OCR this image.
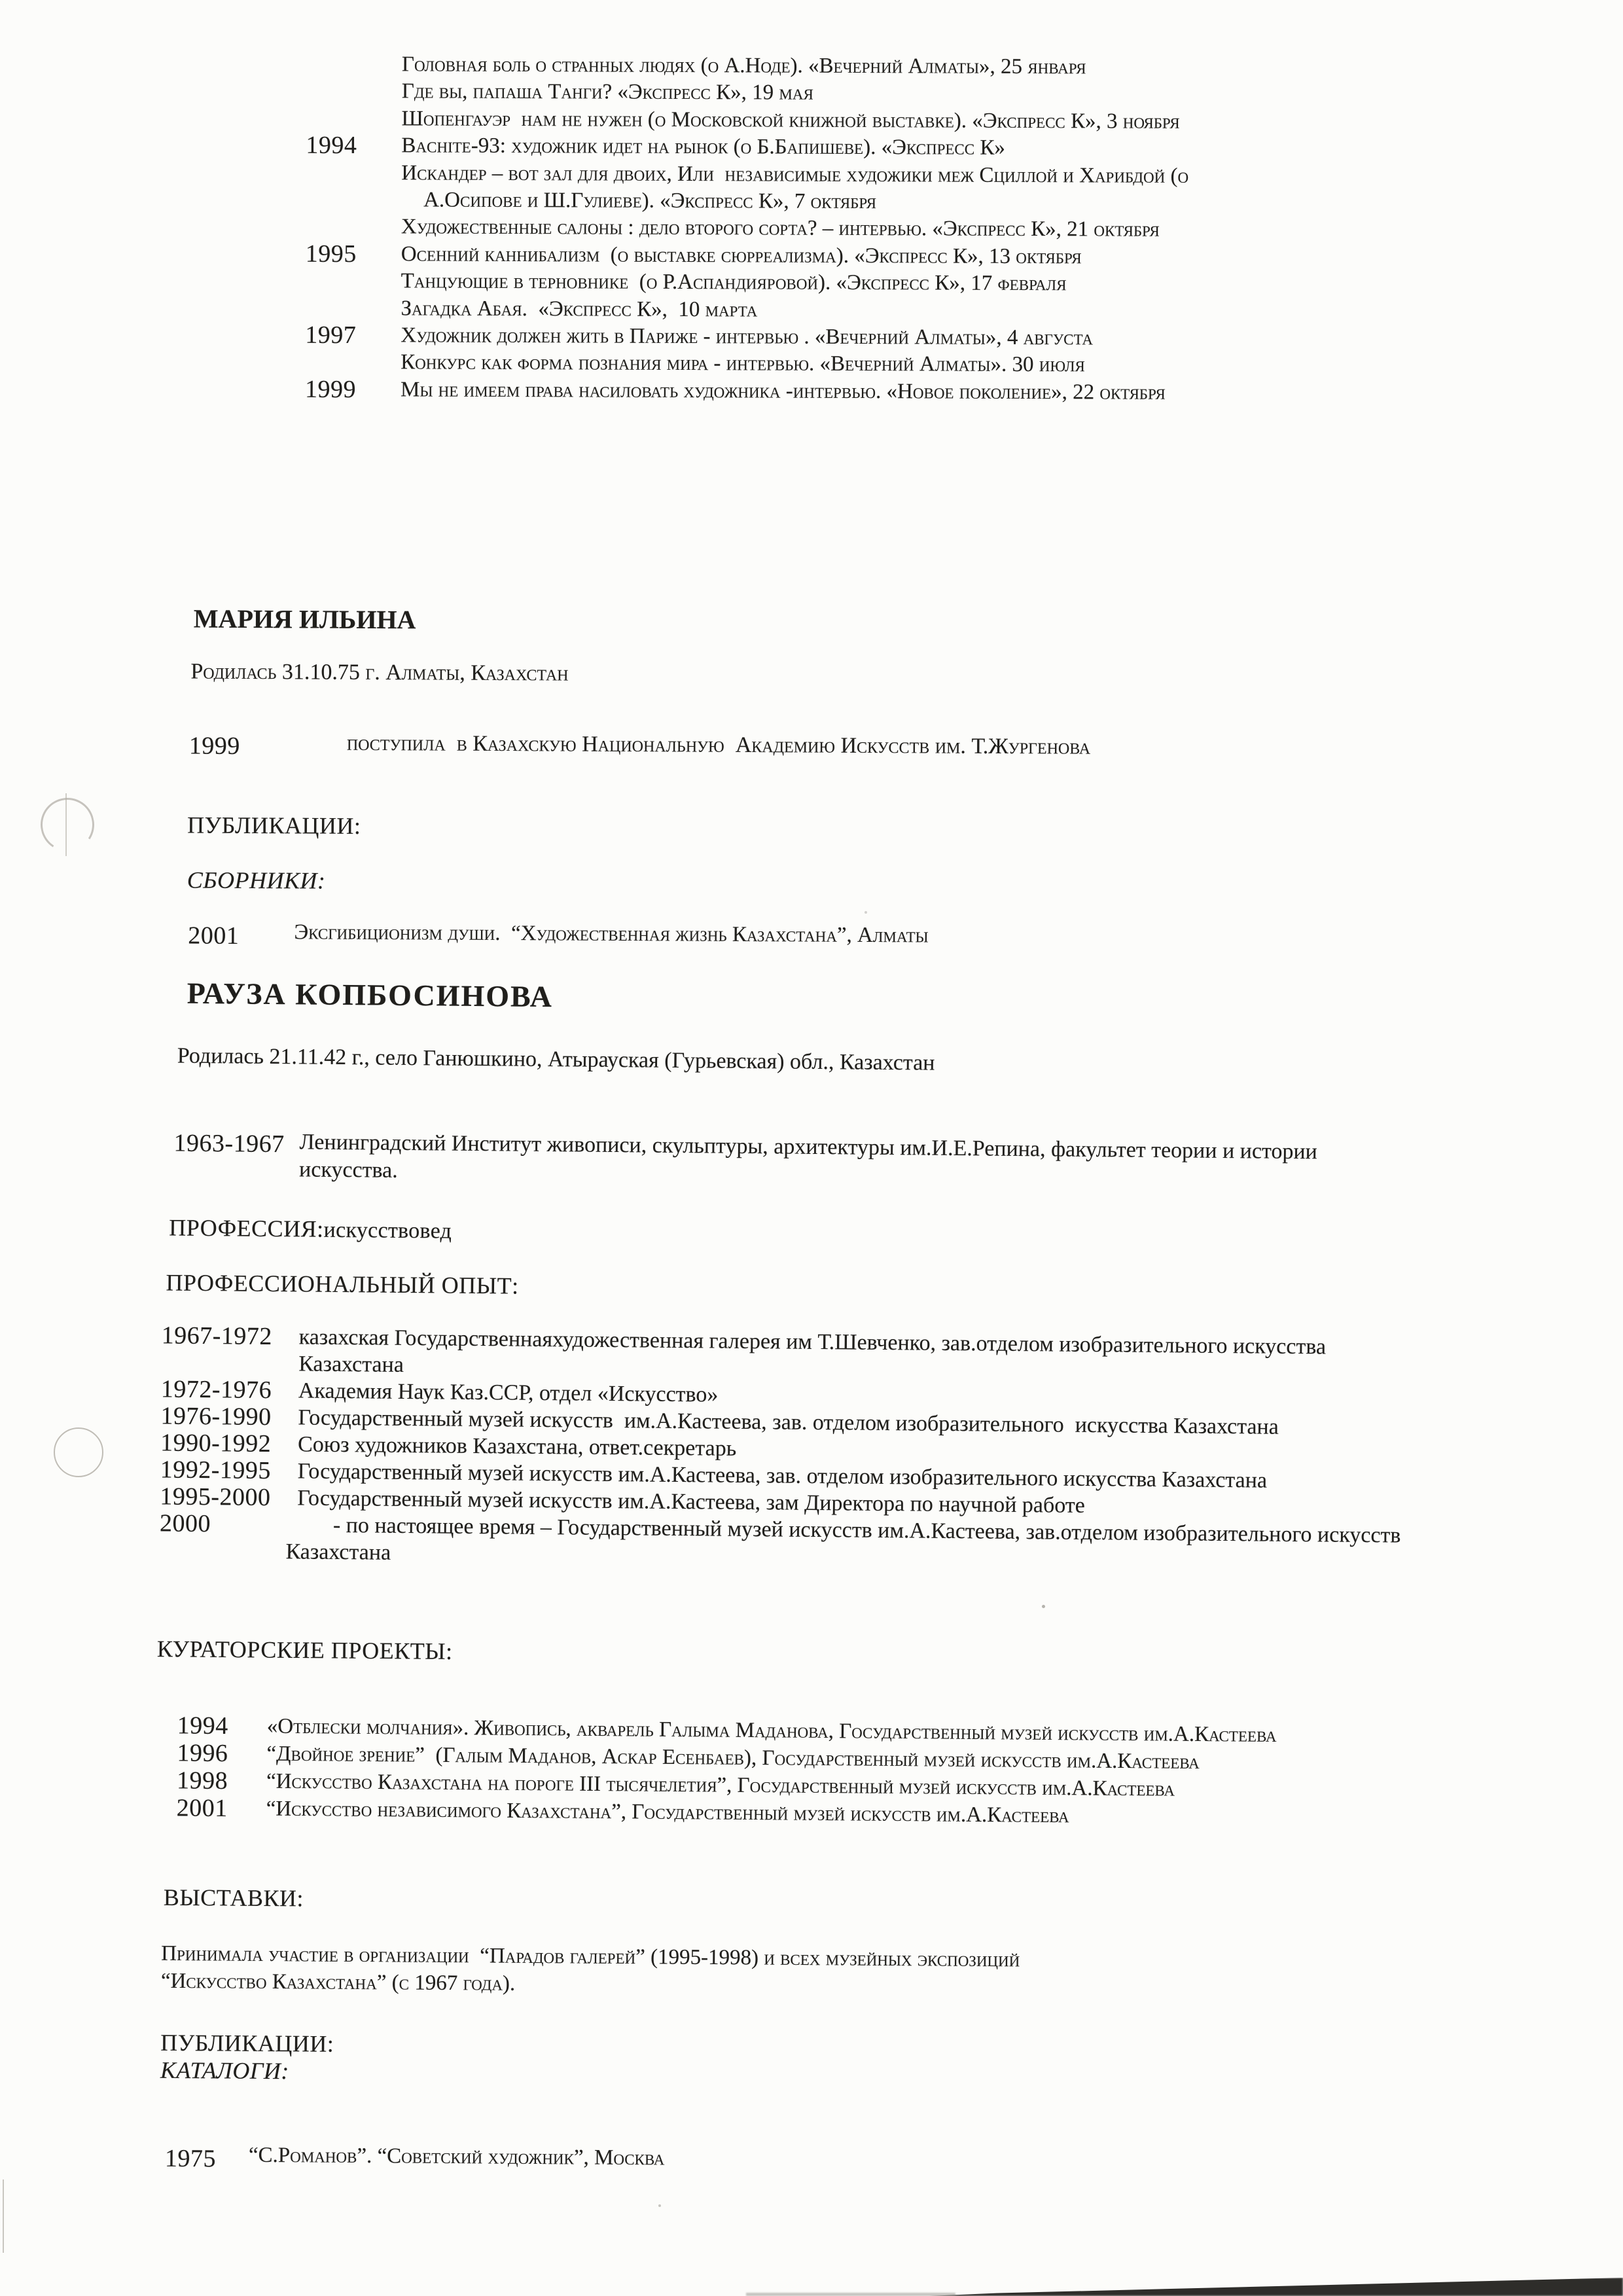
Головная боль о странных людях (о А.Ноде). «Вечерний Алматы», 25 января
Где вы, папаша Танги? «Экспресс К», 19 мая
Шопенгауэр  нам не нужен (о Московской книжной выставке). «Экспресс К», 3 ноября
1994 Bachite-93: художник идет на рынок (о Б.Бапишеве). «Экспресс К»
Искандер – вот зал для двоих, Или  независимые художики меж Сциллой и Харибдой (о
А.Осипове и Ш.Гулиеве). «Экспресс К», 7 октября
Художественные салоны : дело второго сорта? – интервью. «Экспресс К», 21 октября
1995 Осенний каннибализм  (о выставке сюрреализма). «Экспресс К», 13 октября
Танцующие в терновнике  (о Р.Аспандияровой). «Экспресс К», 17 февраля
Загадка Абая.  «Экспресс К»,  10 марта
1997 Художник должен жить в Париже - интервью . «Вечерний Алматы», 4 августа
Конкурс как форма познания мира - интервью. «Вечерний Алматы». 30 июля
1999 Мы не имеем права насиловать художника -интервью. «Новое поколение», 22 октября
МАРИЯ ИЛЬИНА
Родилась 31.10.75 г. Алматы, Казахстан
1999	поступила  в Казахскую Национальную  Академию Искусств им. Т.Жургенова
ПУБЛИКАЦИИ:
СБОРНИКИ:
2001	Эксгибиционизм души.  “Художественная жизнь Казахстана”, Алматы
РАУЗА КОПБОСИНОВА
Родилась 21.11.42 г., село Ганюшкино, Атырауская (Гурьевская) обл., Казахстан
1963-1967 Ленинградский Институт живописи, скульптуры, архитектуры им.И.Е.Репина, факультет теории и истории
искусства.
ПРОФЕССИЯ:искусствовед
ПРОФЕССИОНАЛЬНЫЙ ОПЫТ:
1967-1972 казахская Государственнаяхудожественная галерея им Т.Шевченко, зав.отделом изобразительного искусства
Казахстана
1972-1976 Академия Наук Каз.ССР, отдел «Искусство»
1976-1990 Государственный музей искусств  им.А.Кастеева, зав. отделом изобразительного  искусства Казахстана
1990-1992 Союз художников Казахстана, ответ.секретарь
1992-1995 Государственный музей искусств им.А.Кастеева, зав. отделом изобразительного искусства Казахстана
1995-2000 Государственный музей искусств им.А.Кастеева, зам Директора по научной работе
2000	- по настоящее время – Государственный музей искусств им.А.Кастеева, зав.отделом изобразительного искусств
Казахстана
КУРАТОРСКИЕ ПРОЕКТЫ:
1994 «Отблески молчания». Живопись, акварель Галыма Маданова, Государственный музей искусств им.А.Кастеева
1996 “Двойное зрение”  (Галым Маданов, Аскар Есенбаев), Государственный музей искусств им.А.Кастеева
1998 “Искусство Казахстана на пороге III тысячелетия”, Государственный музей искусств им.А.Кастеева
2001 “Искусство независимого Казахстана”, Государственный музей искусств им.А.Кастеева
ВЫСТАВКИ:
Принимала участие в организации  “Парадов галерей” (1995-1998) и всех музейных экспозиций
“Искусство Казахстана” (с 1967 года).
ПУБЛИКАЦИИ:
КАТАЛОГИ:
1975 “С.Романов”. “Советский художник”, Москва
